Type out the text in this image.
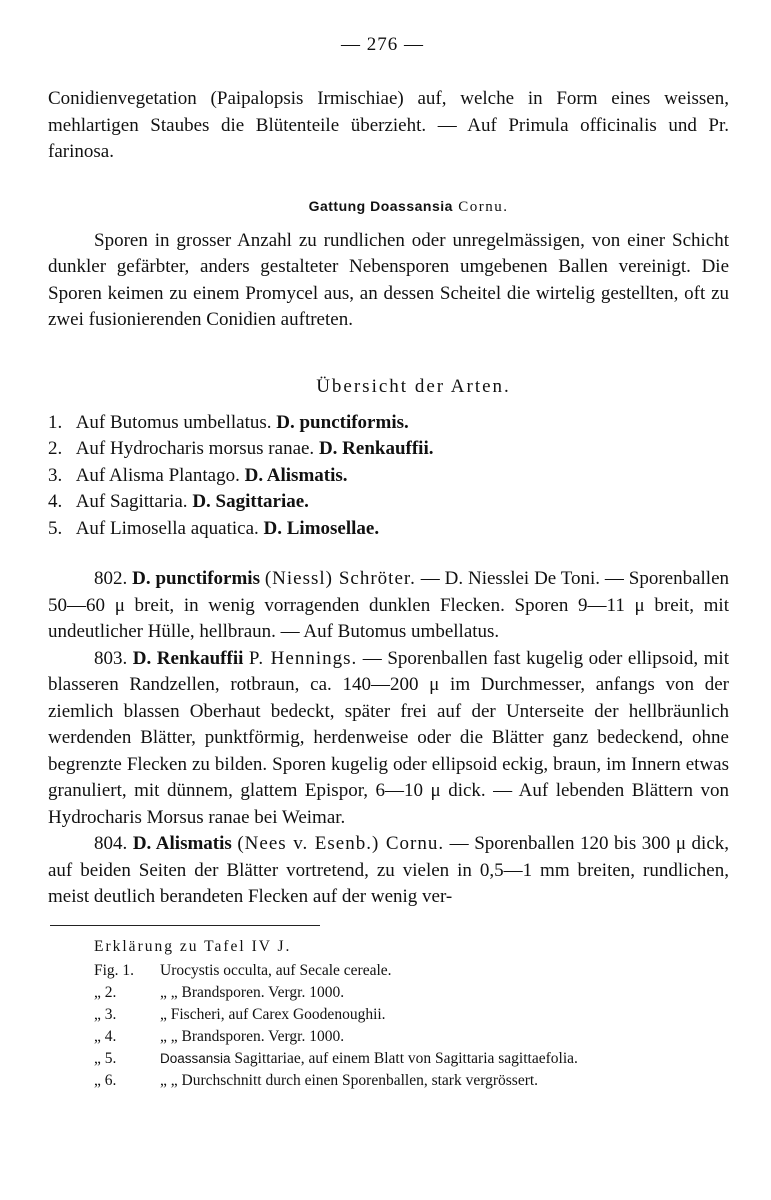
— 276 —

Conidienvegetation (Paipalopsis Irmischiae) auf, welche in Form eines weissen, mehlartigen Staubes die Blütenteile überzieht. — Auf Primula officinalis und Pr. farinosa.

Gattung Doassansia Cornu.

Sporen in grosser Anzahl zu rundlichen oder unregelmässigen, von einer Schicht dunkler gefärbter, anders gestalteter Nebensporen umgebenen Ballen vereinigt. Die Sporen keimen zu einem Promycel aus, an dessen Scheitel die wirtelig gestellten, oft zu zwei fusionierenden Conidien auftreten.

Übersicht der Arten.
1. Auf Butomus umbellatus. D. punctiformis.
2. Auf Hydrocharis morsus ranae. D. Renkauffii.
3. Auf Alisma Plantago. D. Alismatis.
4. Auf Sagittaria. D. Sagittariae.
5. Auf Limosella aquatica. D. Limosellae.

802. D. punctiformis (Niessl) Schröter. — D. Niesslei De Toni. — Sporenballen 50—60 μ breit, in wenig vorragenden dunklen Flecken. Sporen 9—11 μ breit, mit undeutlicher Hülle, hellbraun. — Auf Butomus umbellatus.

803. D. Renkauffii P. Hennings. — Sporenballen fast kugelig oder ellipsoid, mit blasseren Randzellen, rotbraun, ca. 140—200 μ im Durchmesser, anfangs von der ziemlich blassen Oberhaut bedeckt, später frei auf der Unterseite der hellbräunlich werdenden Blätter, punktförmig, herdenweise oder die Blätter ganz bedeckend, ohne begrenzte Flecken zu bilden. Sporen kugelig oder ellipsoid eckig, braun, im Innern etwas granuliert, mit dünnem, glattem Epispor, 6—10 μ dick. — Auf lebenden Blättern von Hydrocharis Morsus ranae bei Weimar.

804. D. Alismatis (Nees v. Esenb.) Cornu. — Sporenballen 120 bis 300 μ dick, auf beiden Seiten der Blätter vortretend, zu vielen in 0,5—1 mm breiten, rundlichen, meist deutlich berandeten Flecken auf der wenig ver-

Erklärung zu Tafel IV J.
Fig. 1.	Urocystis occulta, auf Secale cereale.
„ 2.	„ „ Brandsporen. Vergr. 1000.
„ 3.	„ Fischeri, auf Carex Goodenoughii.
„ 4.	„ „ Brandsporen. Vergr. 1000.
„ 5.	Doassansia Sagittariae, auf einem Blatt von Sagittaria sagittaefolia.
„ 6.	„ „ Durchschnitt durch einen Sporenballen, stark vergrössert.
